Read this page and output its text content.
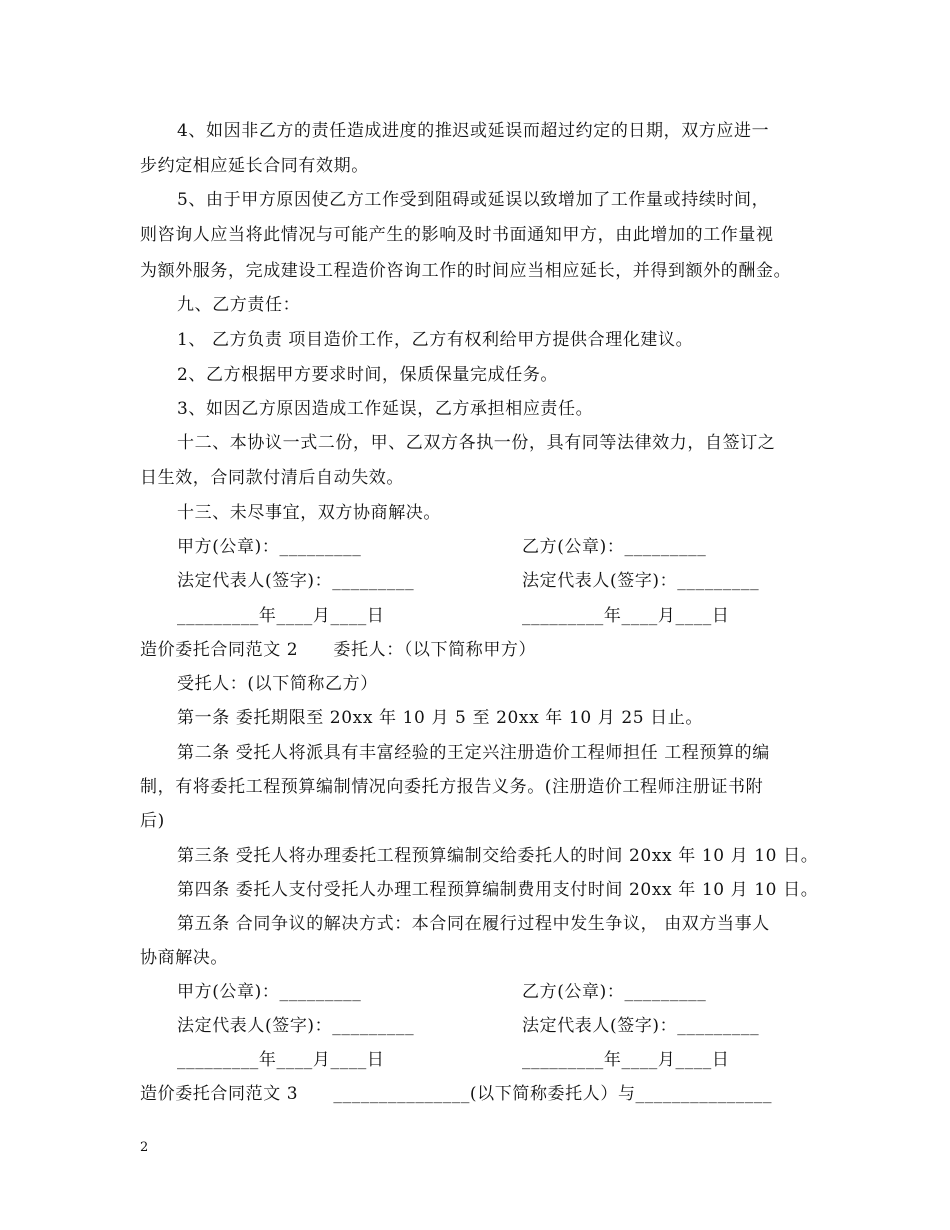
4、如因非乙方的责任造成进度的推迟或延误而超过约定的日期，双方应进一
步约定相应延长合同有效期。
5、由于甲方原因使乙方工作受到阻碍或延误以致增加了工作量或持续时间，
则咨询人应当将此情况与可能产生的影响及时书面通知甲方，由此增加的工作量视
为额外服务，完成建设工程造价咨询工作的时间应当相应延长，并得到额外的酬金。
九、乙方责任：
1、 乙方负责 项目造价工作，乙方有权利给甲方提供合理化建议。
2、乙方根据甲方要求时间，保质保量完成任务。
3、如因乙方原因造成工作延误，乙方承担相应责任。
十二、本协议一式二份，甲、乙双方各执一份，具有同等法律效力，自签订之
日生效，合同款付清后自动失效。
十三、未尽事宜，双方协商解决。
甲方(公章)：_________	乙方(公章)：_________
法定代表人(签字)：_________	法定代表人(签字)：_________
_________年____月____日	_________年____月____日
造价委托合同范文 2　　委托人：（以下简称甲方）
受托人：(以下简称乙方）
第一条 委托期限至 20xx 年 10 月 5 至 20xx 年 10 月 25 日止。
第二条 受托人将派具有丰富经验的王定兴注册造价工程师担任 工程预算的编
制，有将委托工程预算编制情况向委托方报告义务。(注册造价工程师注册证书附
后)
第三条 受托人将办理委托工程预算编制交给委托人的时间 20xx 年 10 月 10 日。
第四条 委托人支付受托人办理工程预算编制费用支付时间 20xx 年 10 月 10 日。
第五条 合同争议的解决方式：本合同在履行过程中发生争议， 由双方当事人
协商解决。
甲方(公章)：_________	乙方(公章)：_________
法定代表人(签字)：_________	法定代表人(签字)：_________
_________年____月____日	_________年____月____日
造价委托合同范文 3　　_______________(以下简称委托人）与_______________
2
